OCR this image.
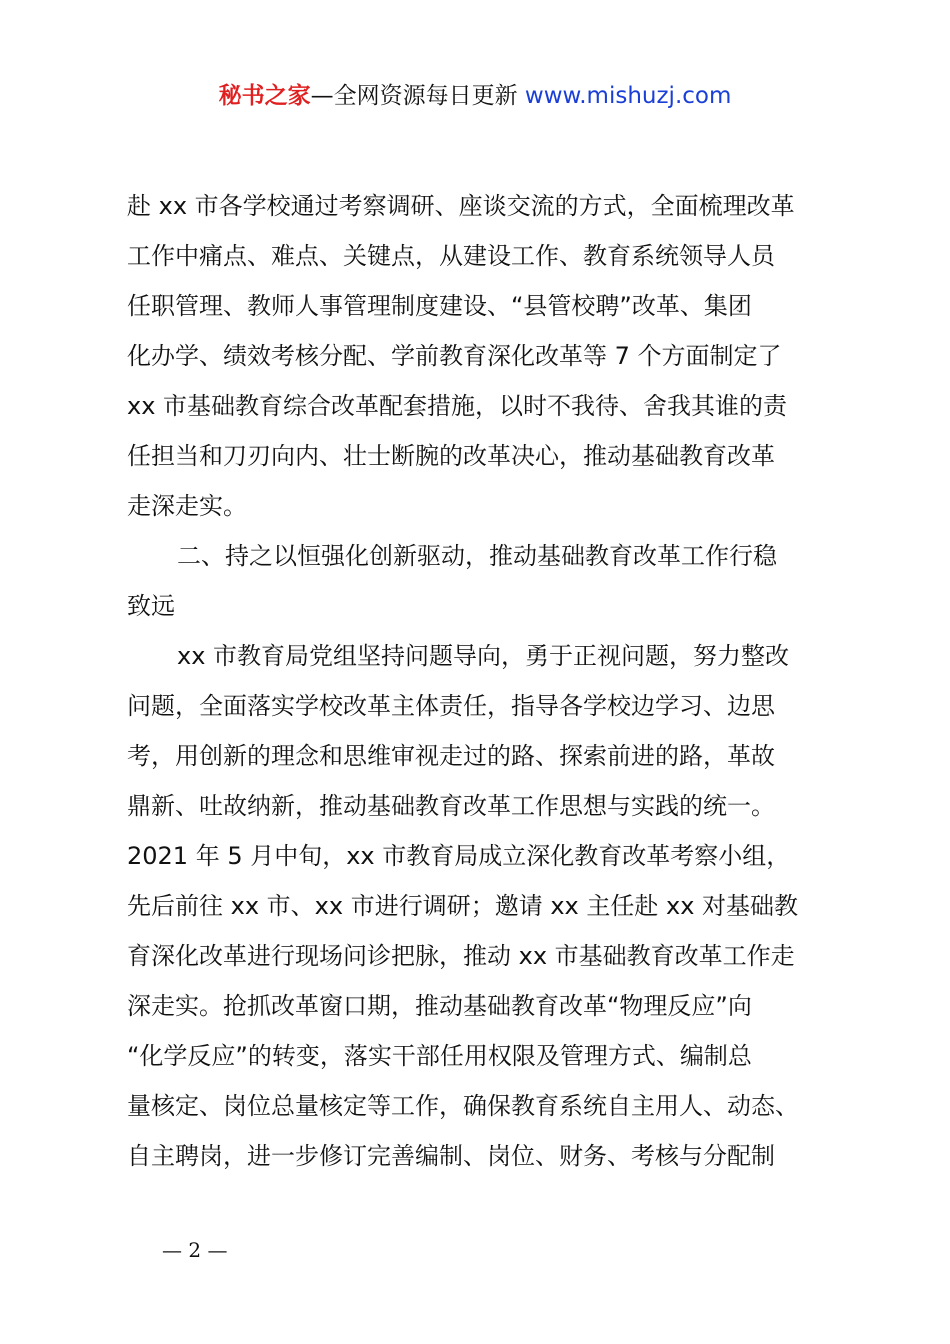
秘书之家—全网资源每日更新 www.mishuzj.com
赴 xx 市各学校通过考察调研、座谈交流的方式，全面梳理改革
工作中痛点、难点、关键点，从建设工作、教育系统领导人员
任职管理、教师人事管理制度建设、“县管校聘”改革、集团
化办学、绩效考核分配、学前教育深化改革等 7 个方面制定了
xx 市基础教育综合改革配套措施，以时不我待、舍我其谁的责
任担当和刀刃向内、壮士断腕的改革决心，推动基础教育改革
走深走实。
二、持之以恒强化创新驱动，推动基础教育改革工作行稳
致远
xx 市教育局党组坚持问题导向，勇于正视问题，努力整改
问题，全面落实学校改革主体责任，指导各学校边学习、边思
考，用创新的理念和思维审视走过的路、探索前进的路，革故
鼎新、吐故纳新，推动基础教育改革工作思想与实践的统一。
2021 年 5 月中旬，xx 市教育局成立深化教育改革考察小组，
先后前往 xx 市、xx 市进行调研；邀请 xx 主任赴 xx 对基础教
育深化改革进行现场问诊把脉，推动 xx 市基础教育改革工作走
深走实。抢抓改革窗口期，推动基础教育改革“物理反应”向
“化学反应”的转变，落实干部任用权限及管理方式、编制总
量核定、岗位总量核定等工作，确保教育系统自主用人、动态、
自主聘岗，进一步修订完善编制、岗位、财务、考核与分配制
— 2 —
